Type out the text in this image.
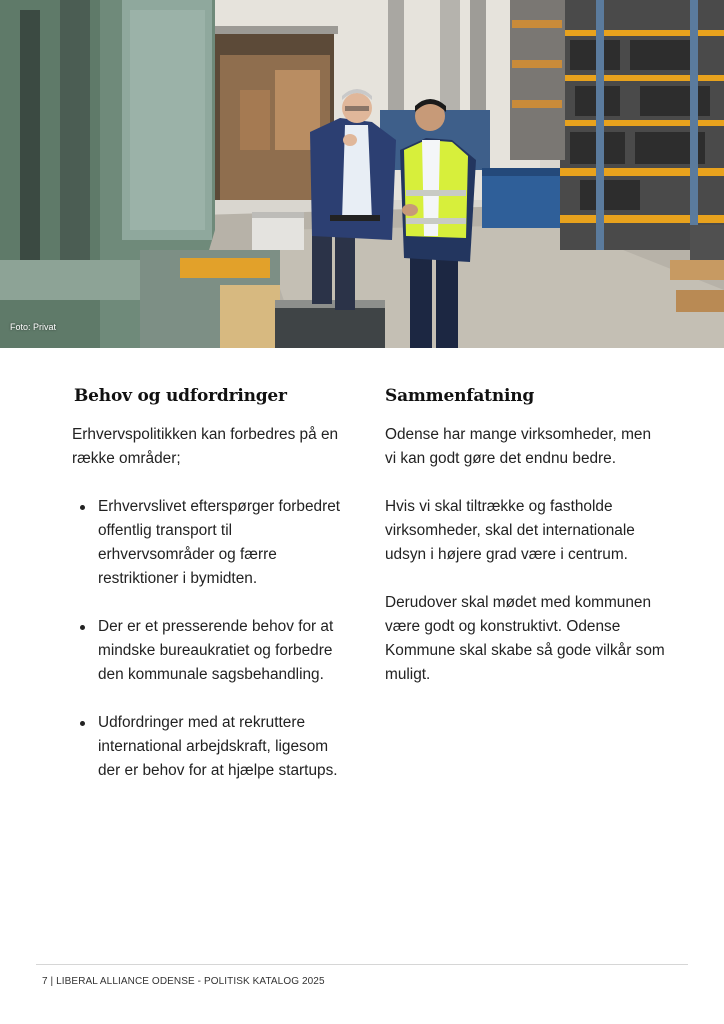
Foto: Privat
Behov og udfordringer

Erhvervspolitikken kan forbedres på en række områder;

Erhvervslivet efterspørger forbedret offentlig transport til erhvervsområder og færre restriktioner i bymidten.
Der er et presserende behov for at mindske bureaukratiet og forbedre den kommunale sagsbehandling.
Udfordringer med at rekruttere international arbejdskraft, ligesom der er behov for at hjælpe startups.
Sammenfatning

Odense har mange virksomheder, men vi kan godt gøre det endnu bedre.

Hvis vi skal tiltrække og fastholde virksomheder, skal det internationale udsyn i højere grad være i centrum.

Derudover skal mødet med kommunen være godt og konstruktivt. Odense Kommune skal skabe så gode vilkår som muligt.

7 | LIBERAL ALLIANCE ODENSE - POLITISK KATALOG 2025
